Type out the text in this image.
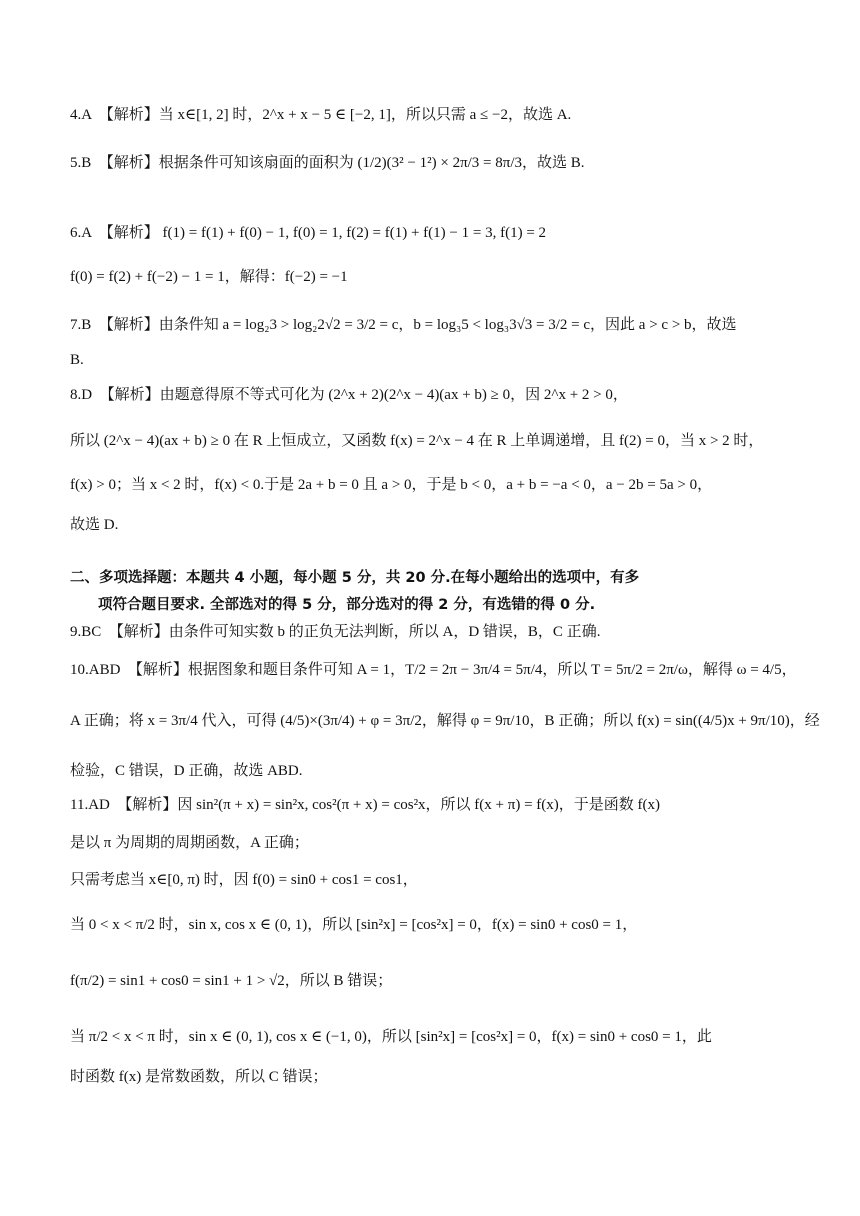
4.A　【解析】当 x∈[1, 2] 时，2^x + x − 5 ∈ [−2, 1]，所以只需 a ≤ −2，故选 A.
5.B　【解析】根据条件可知该扇面的面积为 (1/2)(3² − 1²) × 2π/3 = 8π/3，故选 B.
6.A　【解析】 f(1) = f(1) + f(0) − 1, f(0) = 1, f(2) = f(1) + f(1) − 1 = 3, f(1) = 2
f(0) = f(2) + f(−2) − 1 = 1，解得：f(−2) = −1
7.B　【解析】由条件知 a = log₂3 > log₂2√2 = 3/2 = c，b = log₃5 < log₃3√3 = 3/2 = c，因此 a > c > b，故选
B.
8.D　【解析】由题意得原不等式可化为 (2^x + 2)(2^x − 4)(ax + b) ≥ 0，因 2^x + 2 > 0，
所以 (2^x − 4)(ax + b) ≥ 0 在 R 上恒成立，又函数 f(x) = 2^x − 4 在 R 上单调递增，且 f(2) = 0，当 x > 2 时，
f(x) > 0；当 x < 2 时，f(x) < 0.于是 2a + b = 0 且 a > 0，于是 b < 0，a + b = −a < 0，a − 2b = 5a > 0，
故选 D.
二、多项选择题：本题共 4 小题，每小题 5 分，共 20 分.在每小题给出的选项中，有多
项符合题目要求. 全部选对的得 5 分，部分选对的得 2 分，有选错的得 0 分.
9.BC　【解析】由条件可知实数 b 的正负无法判断，所以 A，D 错误，B，C 正确.
10.ABD　【解析】根据图象和题目条件可知 A = 1，T/2 = 2π − 3π/4 = 5π/4，所以 T = 5π/2 = 2π/ω，解得 ω = 4/5，
A 正确；将 x = 3π/4 代入，可得 (4/5)×(3π/4) + φ = 3π/2，解得 φ = 9π/10，B 正确；所以 f(x) = sin((4/5)x + 9π/10)，经
检验，C 错误，D 正确，故选 ABD.
11.AD　【解析】因 sin²(π + x) = sin²x, cos²(π + x) = cos²x，所以 f(x + π) = f(x)，于是函数 f(x)
是以 π 为周期的周期函数，A 正确；
只需考虑当 x∈[0, π) 时，因 f(0) = sin0 + cos1 = cos1，
当 0 < x < π/2 时，sin x, cos x ∈ (0, 1)，所以 [sin²x] = [cos²x] = 0，f(x) = sin0 + cos0 = 1，
f(π/2) = sin1 + cos0 = sin1 + 1 > √2，所以 B 错误；
当 π/2 < x < π 时，sin x ∈ (0, 1), cos x ∈ (−1, 0)，所以 [sin²x] = [cos²x] = 0，f(x) = sin0 + cos0 = 1，此
时函数 f(x) 是常数函数，所以 C 错误；
